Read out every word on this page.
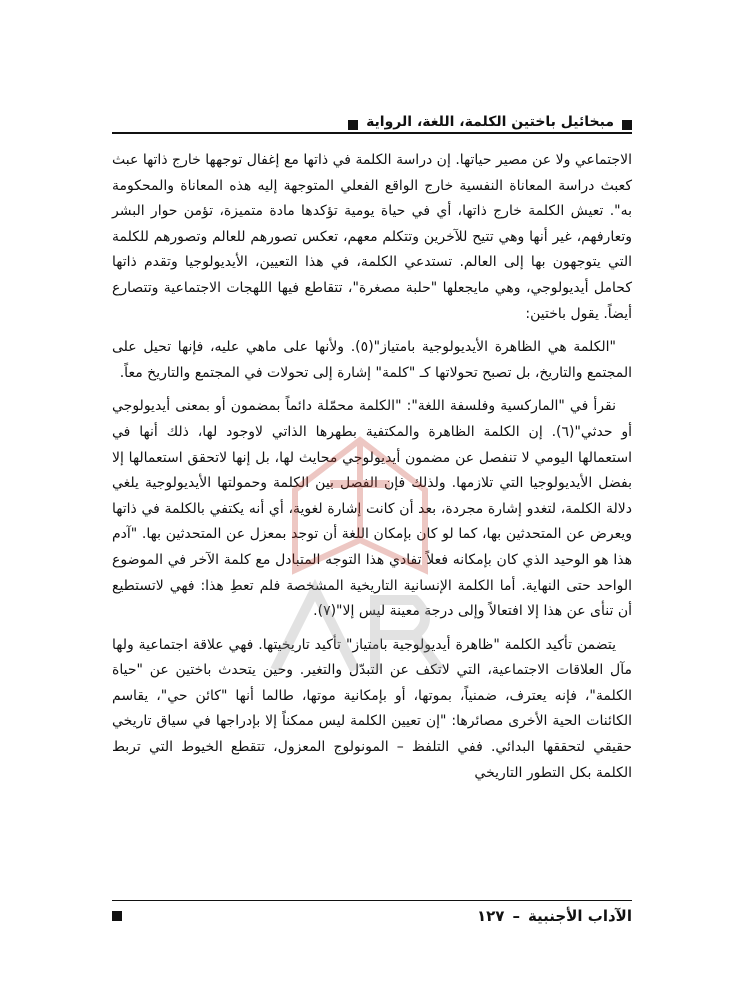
مبخائيل باختين الكلمة، اللغة، الرواية

الاجتماعي ولا عن مصير حياتها. إن دراسة الكلمة في ذاتها مع إغفال توجهها خارج ذاتها عبث كعبث دراسة المعاناة النفسية خارج الواقع الفعلي المتوجهة إليه هذه المعاناة والمحكومة به". تعيش الكلمة خارج ذاتها، أي في حياة يومية تؤكدها مادة متميزة، تؤمن حوار البشر وتعارفهم، غير أنها وهي تتيح للآخرين وتتكلم معهم، تعكس تصورهم للعالم وتصورهم للكلمة التي يتوجهون بها إلى العالم. تستدعي الكلمة، في هذا التعيين، الأيديولوجيا وتقدم ذاتها كحامل أيديولوجي، وهي مايجعلها "حلبة مصغرة"، تتقاطع فيها اللهجات الاجتماعية وتتصارع أيضاً. يقول باختين:

"الكلمة هي الظاهرة الأيديولوجية بامتياز"(٥). ولأنها على ماهي عليه، فإنها تحيل على المجتمع والتاريخ، بل تصبح تحولاتها كـ "كلمة" إشارة إلى تحولات في المجتمع والتاريخ معاً.

نقرأ في "الماركسية وفلسفة اللغة": "الكلمة محمّلة دائماً بمضمون أو بمعنى أيديولوجي أو حدثي"(٦). إن الكلمة الظاهرة والمكتفية بطهرها الذاتي لاوجود لها، ذلك أنها في استعمالها اليومي لا تنفصل عن مضمون أيديولوجي محايث لها، بل إنها لاتحقق استعمالها إلا بفضل الأيديولوجيا التي تلازمها. ولذلك فإن الفصل بين الكلمة وحمولتها الأيديولوجية يلغي دلالة الكلمة، لتغدو إشارة مجردة، بعد أن كانت إشارة لغوية، أي أنه يكتفي بالكلمة في ذاتها ويعرض عن المتحدثين بها، كما لو كان بإمكان اللغة أن توجد بمعزل عن المتحدثين بها. "آدم هذا هو الوحيد الذي كان بإمكانه فعلاً تفادي هذا التوجه المتبادل مع كلمة الآخر في الموضوع الواحد حتى النهاية. أما الكلمة الإنسانية التاريخية المشخصة فلم تعطِ هذا: فهي لاتستطيع أن تنأى عن هذا إلا افتعالاً وإلى درجة معينة ليس إلا"(٧).

يتضمن تأكيد الكلمة "ظاهرة أيديولوجية بامتياز" تأكيد تاريخيتها. فهي علاقة اجتماعية ولها مآل العلاقات الاجتماعية، التي لاتكف عن التبدّل والتغير. وحين يتحدث باختين عن "حياة الكلمة"، فإنه يعترف، ضمنياً، بموتها، أو بإمكانية موتها، طالما أنها "كائن حي"، يقاسم الكائنات الحية الأخرى مصائرها: "إن تعيين الكلمة ليس ممكناً إلا بإدراجها في سياق تاريخي حقيقي لتحققها البدائي. ففي التلفظ – المونولوج المعزول، تتقطع الخيوط التي تربط الكلمة بكل التطور التاريخي

الآداب الأجنبية
–
١٢٧
